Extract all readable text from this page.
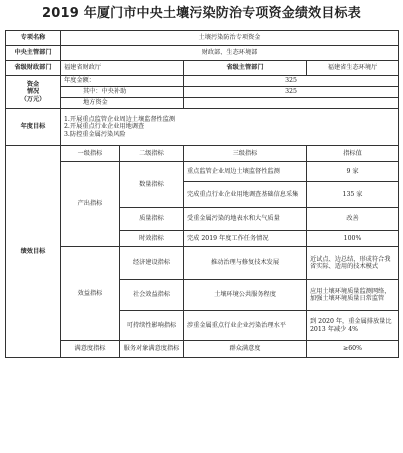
2019 年厦门市中央土壤污染防治专项资金绩效目标表
专项名称	土壤污染防治专项资金			
中央主管部门	财政部、生态环境部			
省级财政部门	福建省财政厅		省级主管部门	福建省生态环境厅

资金
情况
（万元）	年度金额：		325	
	其中：中央补助		325	
	地方资金			
年度目标	1.开展重点监管企业周边土壤监督性监测
2.开展重点行业企业用地调查
3.防控重金属污染风险			

绩效目标	一级指标	二级指标	三级指标	指标值
	产出指标	数量指标	重点监管企业周边土壤监督性监测	9 家
			完成重点行业企业用地调查基础信息采集	135 家
		质量指标	受重金属污染的地表水和大气质量	改善
		时效指标	完成 2019 年度工作任务情况	100%
	效益指标	经济建设指标	推动治理与修复技术发展	近试点、边总结，形成符合我省实际、适用的技术模式
		社会效益指标	土壤环境公共服务程度	应用土壤环境质量监测网络，加强土壤环境质量日常监管
		可持续性影响指标	涉重金属重点行业企业污染治理水平	到 2020 年，重金属排放量比 2013 年减少 4%
	满意度指标	服务对象满意度指标	群众满意度	≥60%
